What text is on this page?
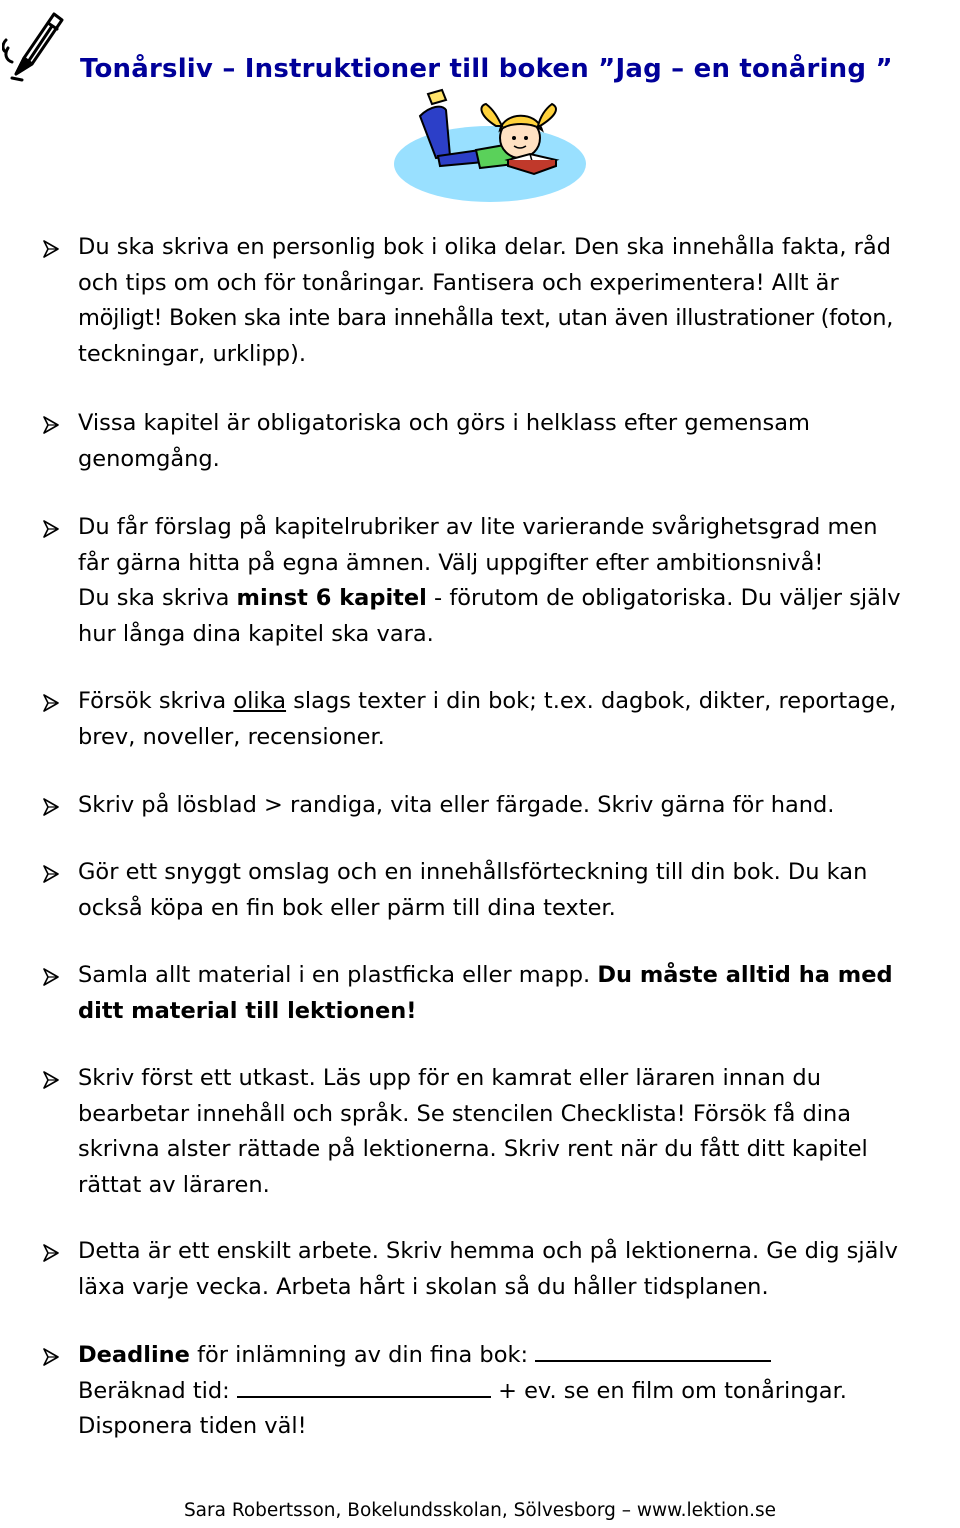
Tonårsliv – Instruktioner till boken ”Jag – en tonåring ”
Du ska skriva en personlig bok i olika delar. Den ska innehålla fakta, råd
och tips om och för tonåringar. Fantisera och experimentera! Allt är
möjligt! Boken ska inte bara innehålla text, utan även illustrationer (foton,
teckningar, urklipp).
Vissa kapitel är obligatoriska och görs i helklass efter gemensam
genomgång.
Du får förslag på kapitelrubriker av lite varierande svårighetsgrad men
får gärna hitta på egna ämnen. Välj uppgifter efter ambitionsnivå!
Du ska skriva minst 6 kapitel - förutom de obligatoriska. Du väljer själv
hur långa dina kapitel ska vara.
Försök skriva olika slags texter i din bok; t.ex. dagbok, dikter, reportage,
brev, noveller, recensioner.
Skriv på lösblad > randiga, vita eller färgade. Skriv gärna för hand.
Gör ett snyggt omslag och en innehållsförteckning till din bok. Du kan
också köpa en fin bok eller pärm till dina texter.
Samla allt material i en plastficka eller mapp. Du måste alltid ha med
ditt material till lektionen!
Skriv först ett utkast. Läs upp för en kamrat eller läraren innan du
bearbetar innehåll och språk. Se stencilen Checklista! Försök få dina
skrivna alster rättade på lektionerna. Skriv rent när du fått ditt kapitel
rättat av läraren.
Detta är ett enskilt arbete. Skriv hemma och på lektionerna. Ge dig själv
läxa varje vecka. Arbeta hårt i skolan så du håller tidsplanen.
Deadline för inlämning av din fina bok:
Beräknad tid:	+ ev. se en film om tonåringar.
Disponera tiden väl!
Sara Robertsson, Bokelundsskolan, Sölvesborg – www.lektion.se
